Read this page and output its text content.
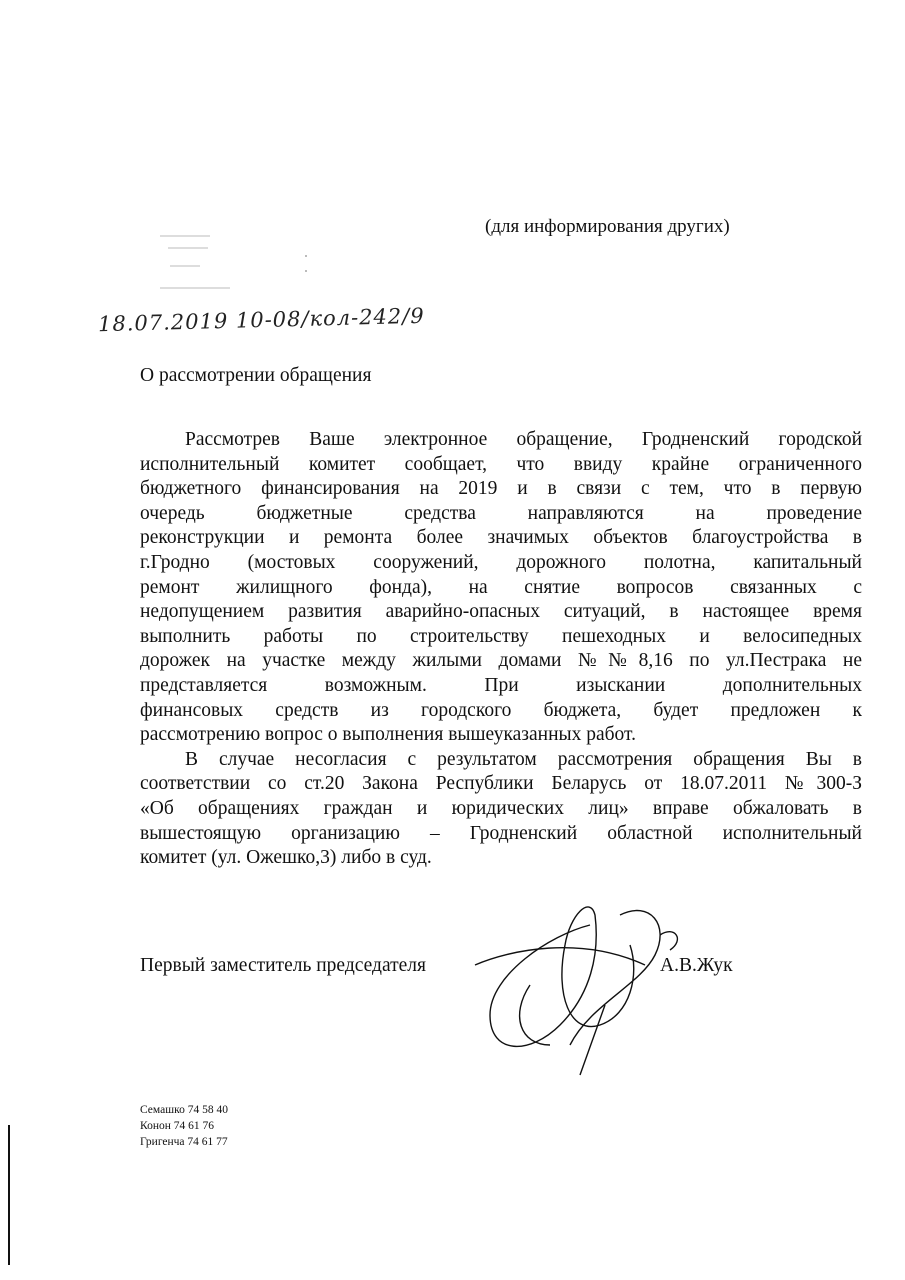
(для информирования других)
18.07.2019 10-08/кол-242/9
О рассмотрении обращения
Рассмотрев Ваше электронное обращение, Гродненский городской
исполнительный комитет сообщает, что ввиду крайне ограниченного
бюджетного финансирования на 2019 и в связи с тем, что в первую
очередь бюджетные средства направляются на проведение
реконструкции и ремонта более значимых объектов благоустройства в
г.Гродно (мостовых сооружений, дорожного полотна, капитальный
ремонт жилищного фонда), на снятие вопросов связанных с
недопущением развития аварийно-опасных ситуаций, в настоящее время
выполнить работы по строительству пешеходных и велосипедных
дорожек на участке между жилыми домами №№8,16 по ул.Пестрака не
представляется возможным. При изыскании дополнительных
финансовых средств из городского бюджета, будет предложен к
рассмотрению вопрос о выполнения вышеуказанных работ.
В случае несогласия с результатом рассмотрения обращения Вы в
соответствии со ст.20 Закона Республики Беларусь от 18.07.2011 №300-З
«Об обращениях граждан и юридических лиц» вправе обжаловать в
вышестоящую организацию – Гродненский областной исполнительный
комитет (ул. Ожешко,3) либо в суд.
Первый заместитель председателя	А.В.Жук
Семашко 74 58 40
Конон 74 61 76
Григенча 74 61 77
